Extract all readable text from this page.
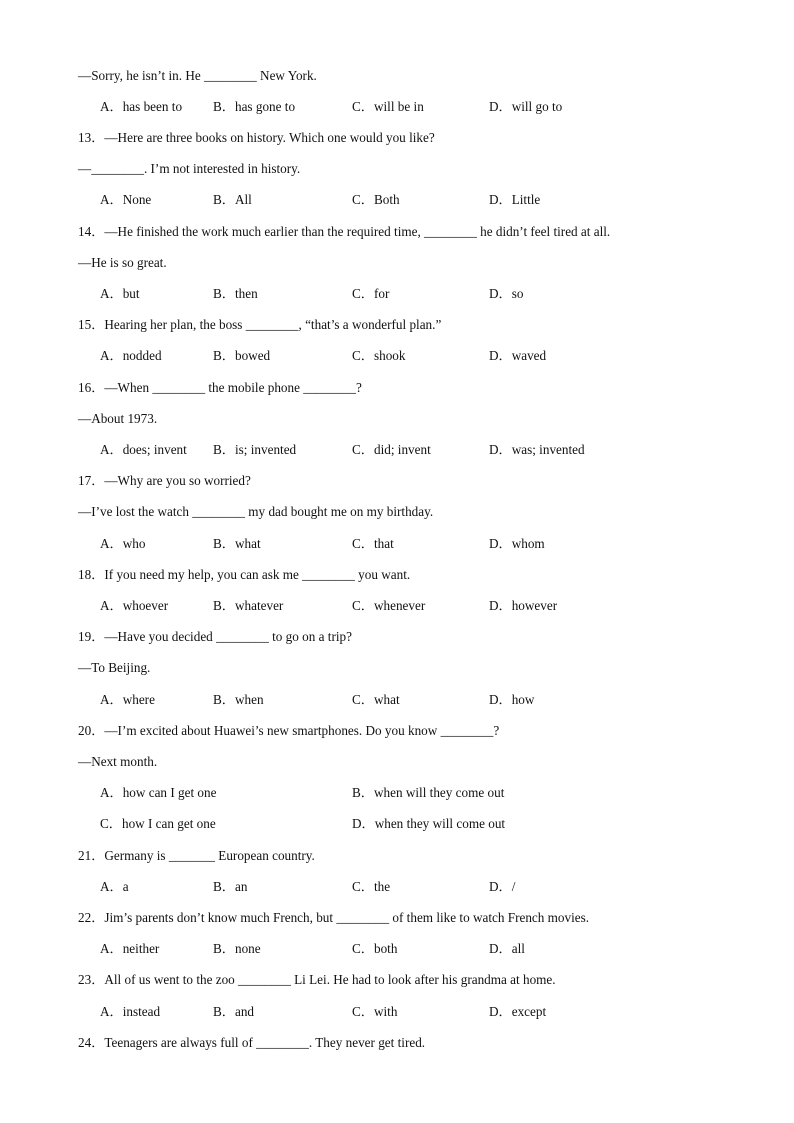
—Sorry, he isn’t in. He ________ New York.
A．has been to B．has gone to	C．will be in	D．will go to
13．—Here are three books on history. Which one would you like?
—________. I’m not interested in history.
A．None	B．All	C．Both	D．Little
14．—He finished the work much earlier than the required time, ________ he didn’t feel tired at all.
—He is so great.
A．but	B．then	C．for	D．so
15．Hearing her plan, the boss ________, “that’s a wonderful plan.”
A．nodded	B．bowed	C．shook	D．waved
16．—When ________ the mobile phone ________?
—About 1973.
A．does; invent B．is; invented	C．did; invent	D．was; invented
17．—Why are you so worried?
—I’ve lost the watch ________ my dad bought me on my birthday.
A．who	B．what	C．that	D．whom
18．If you need my help, you can ask me ________ you want.
A．whoever	B．whatever	C．whenever	D．however
19．—Have you decided ________ to go on a trip?
—To Beijing.
A．where	B．when	C．what	D．how
20．—I’m excited about Huawei’s new smartphones. Do you know ________?
—Next month.
A．how can I get one	B．when will they come out
C．how I can get one	D．when they will come out
21．Germany is _______ European country.
A．a	B．an	C．the	D．/
22．Jim’s parents don’t know much French, but ________ of them like to watch French movies.
A．neither	B．none	C．both	D．all
23．All of us went to the zoo ________ Li Lei. He had to look after his grandma at home.
A．instead	B．and	C．with	D．except
24．Teenagers are always full of ________. They never get tired.
